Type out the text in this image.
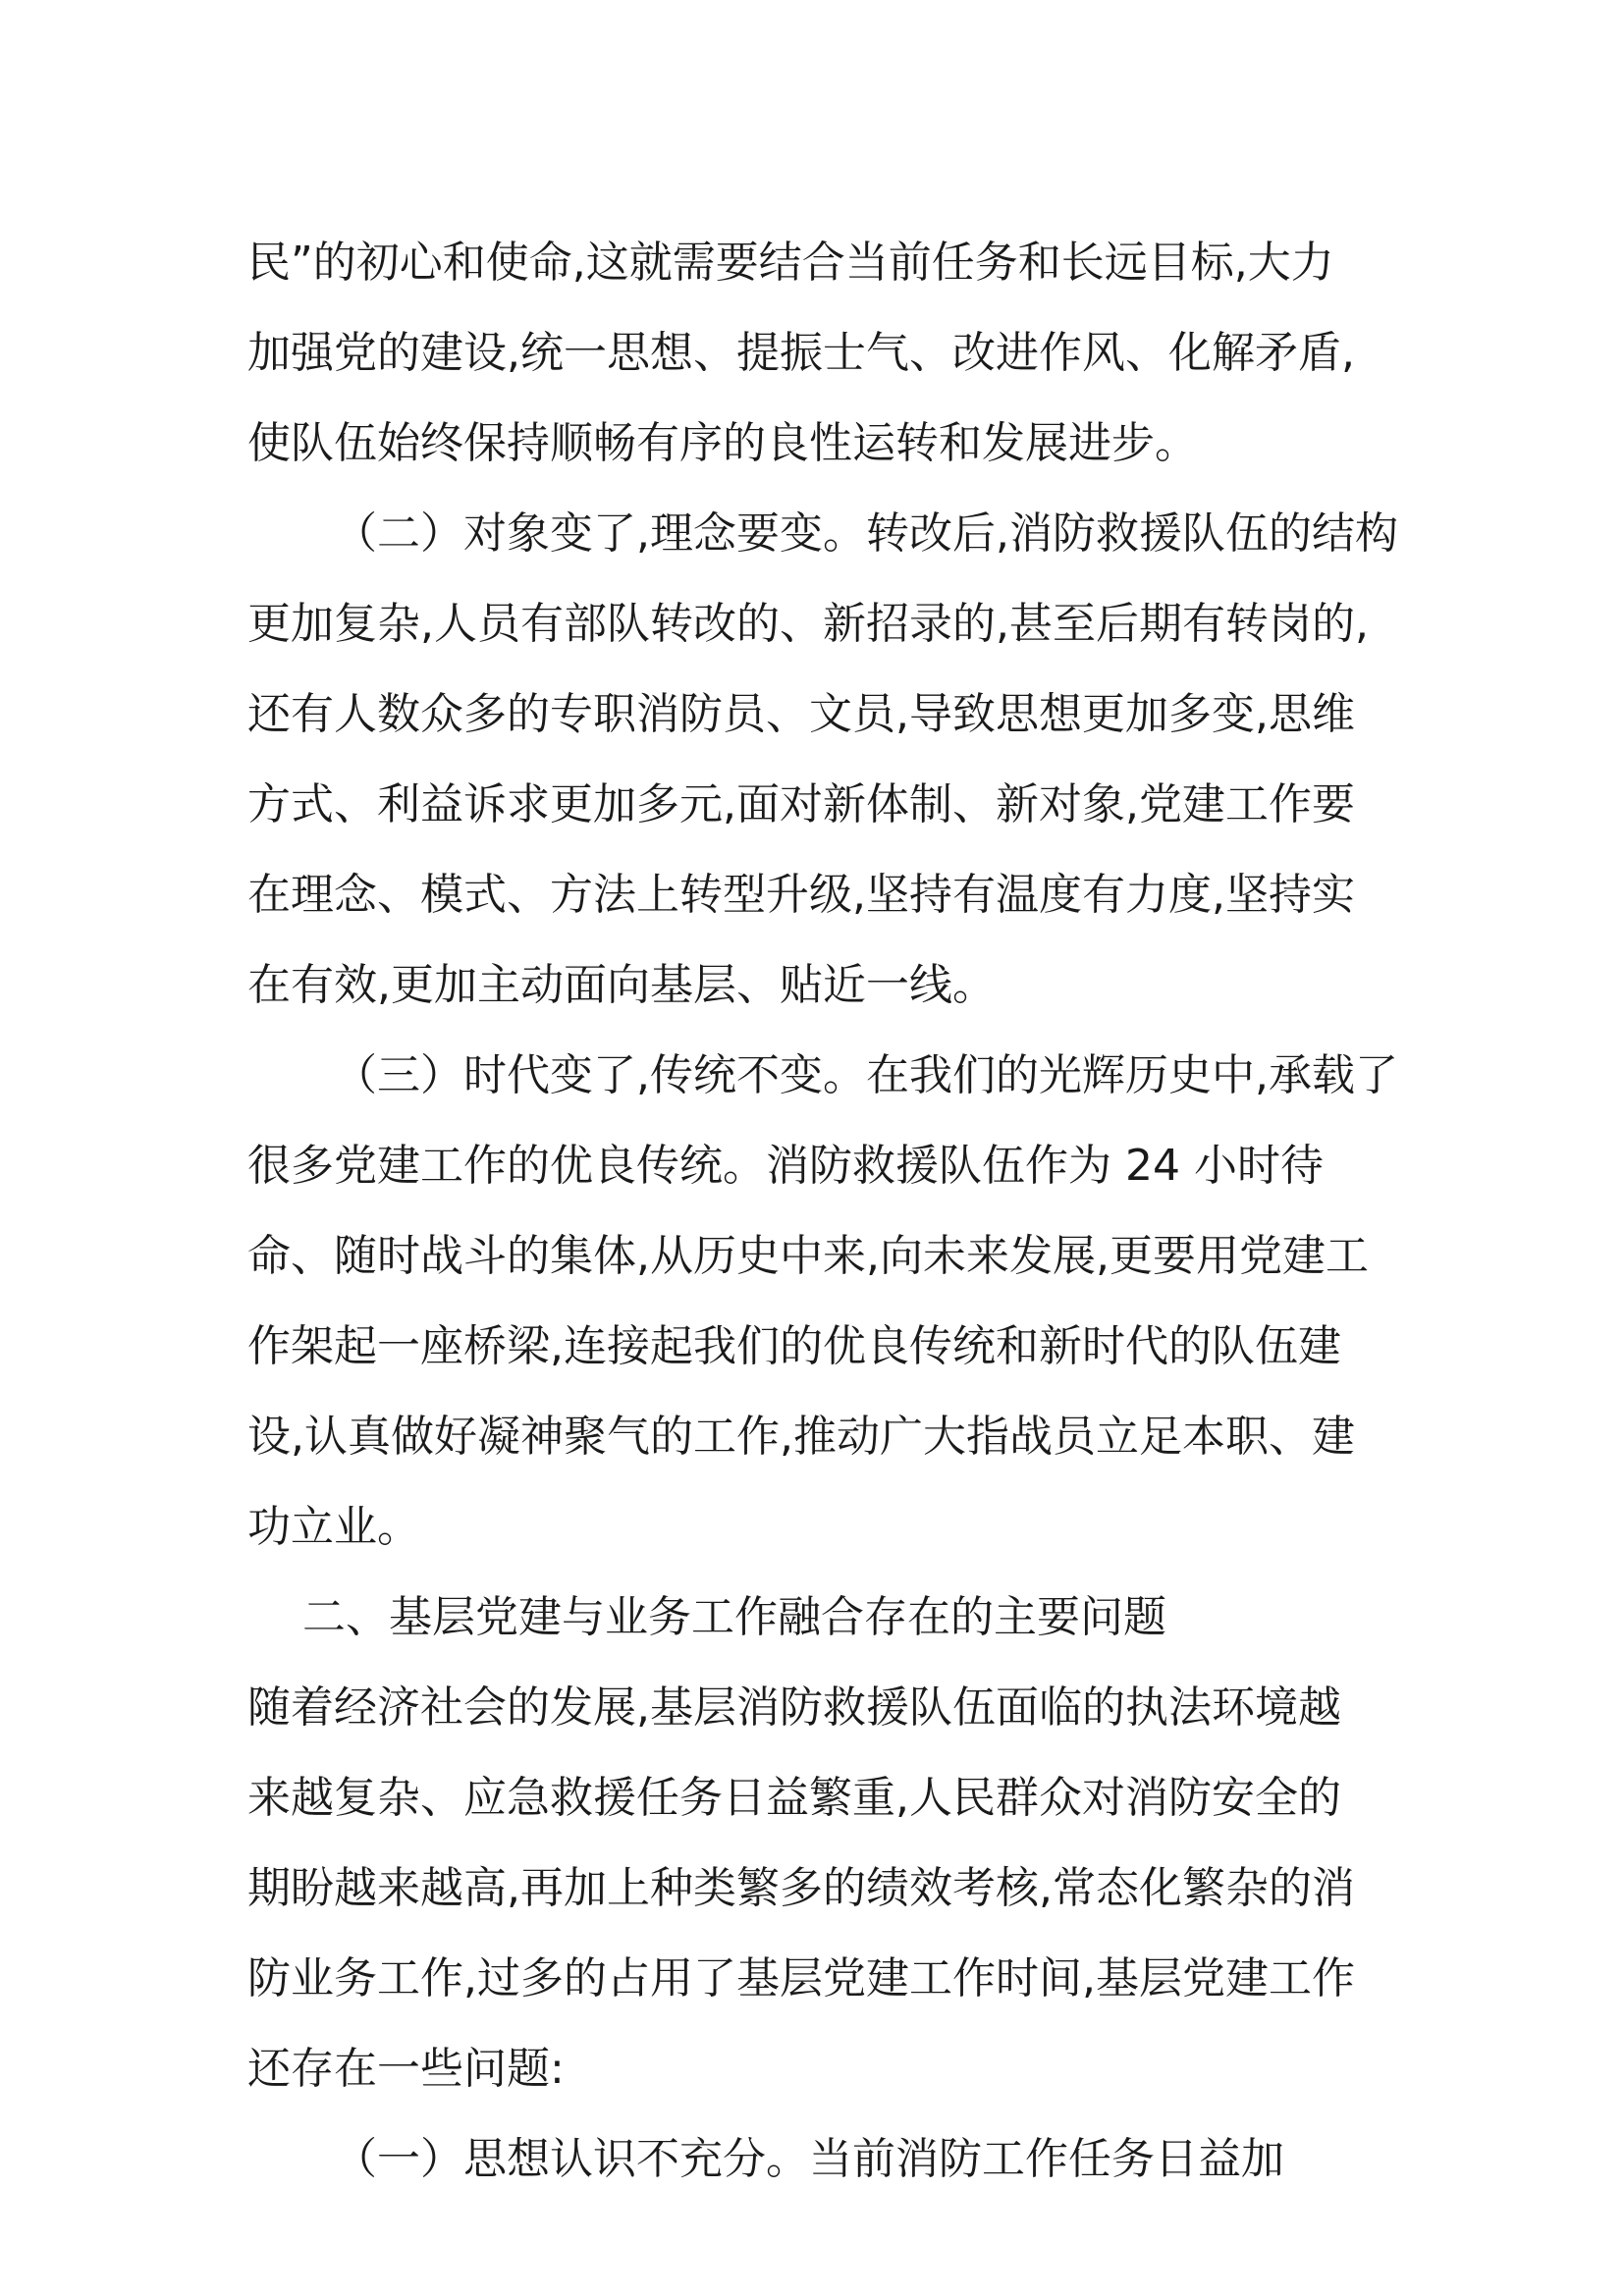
民”的初心和使命,这就需要结合当前任务和长远目标,大力
加强党的建设,统一思想、提振士气、改进作风、化解矛盾,
使队伍始终保持顺畅有序的良性运转和发展进步。
（二）对象变了,理念要变。转改后,消防救援队伍的结构
更加复杂,人员有部队转改的、新招录的,甚至后期有转岗的,
还有人数众多的专职消防员、文员,导致思想更加多变,思维
方式、利益诉求更加多元,面对新体制、新对象,党建工作要
在理念、模式、方法上转型升级,坚持有温度有力度,坚持实
在有效,更加主动面向基层、贴近一线。
（三）时代变了,传统不变。在我们的光辉历史中,承载了
很多党建工作的优良传统。消防救援队伍作为 24 小时待
命、随时战斗的集体,从历史中来,向未来发展,更要用党建工
作架起一座桥梁,连接起我们的优良传统和新时代的队伍建
设,认真做好凝神聚气的工作,推动广大指战员立足本职、建
功立业。
二、基层党建与业务工作融合存在的主要问题
随着经济社会的发展,基层消防救援队伍面临的执法环境越
来越复杂、应急救援任务日益繁重,人民群众对消防安全的
期盼越来越高,再加上种类繁多的绩效考核,常态化繁杂的消
防业务工作,过多的占用了基层党建工作时间,基层党建工作
还存在一些问题:
（一）思想认识不充分。当前消防工作任务日益加
